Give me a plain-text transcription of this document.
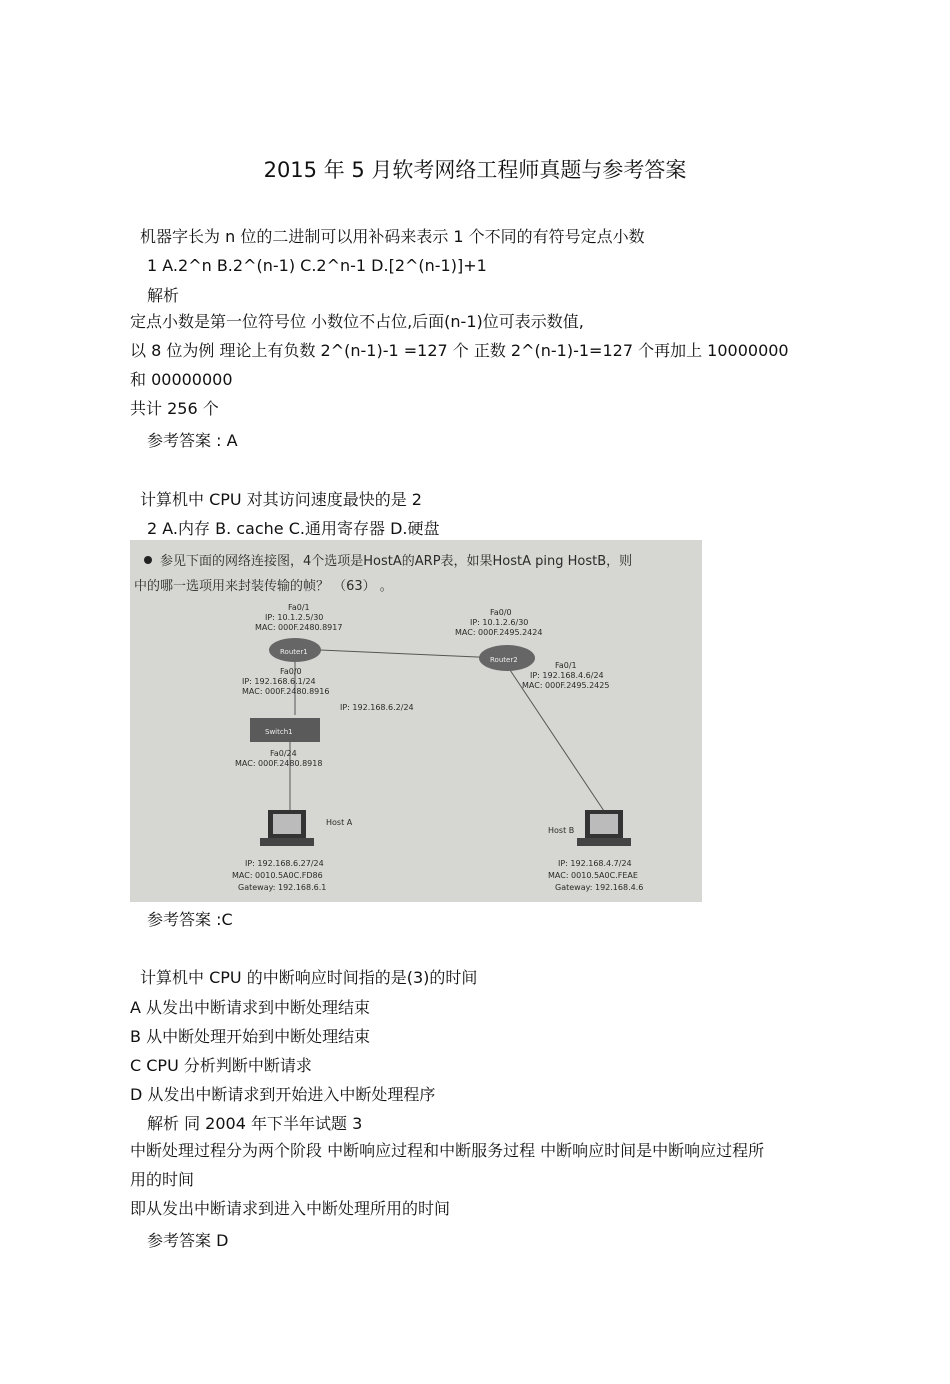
2015 年 5 月软考网络工程师真题与参考答案
机器字长为 n 位的二进制可以用补码来表示 1 个不同的有符号定点小数
1 A.2^n B.2^(n-1) C.2^n-1 D.[2^(n-1)]+1
解析
定点小数是第一位符号位 小数位不占位,后面(n-1)位可表示数值,
以 8 位为例 理论上有负数 2^(n-1)-1 =127 个 正数 2^(n-1)-1=127 个再加上 10000000
和 00000000
共计 256 个
参考答案 : A
计算机中 CPU 对其访问速度最快的是 2
2 A.内存 B. cache C.通用寄存器 D.硬盘
参见下面的网络连接图，4个选项是HostA的ARP表，如果HostA ping HostB，则
中的哪一选项用来封装传输的帧？ （63） 。
Fa0/1
IP: 10.1.2.5/30
MAC: 000F.2480.8917
Router1
Fa0/0
IP: 192.168.6.1/24
MAC: 000F.2480.8916
Fa0/0
IP: 10.1.2.6/30
MAC: 000F.2495.2424
Router2
Fa0/1
IP: 192.168.4.6/24
MAC: 000F.2495.2425
IP: 192.168.6.2/24
Switch1
Fa0/24
MAC: 000F.2480.8918
Host A
IP: 192.168.6.27/24
MAC: 0010.5A0C.FD86
Gateway: 192.168.6.1
Host B
IP: 192.168.4.7/24
MAC: 0010.5A0C.FEAE
Gateway: 192.168.4.6
参考答案 :C
计算机中 CPU 的中断响应时间指的是(3)的时间
A 从发出中断请求到中断处理结束
B 从中断处理开始到中断处理结束
C CPU 分析判断中断请求
D 从发出中断请求到开始进入中断处理程序
解析 同 2004 年下半年试题 3
中断处理过程分为两个阶段 中断响应过程和中断服务过程 中断响应时间是中断响应过程所
用的时间
即从发出中断请求到进入中断处理所用的时间
参考答案 D
